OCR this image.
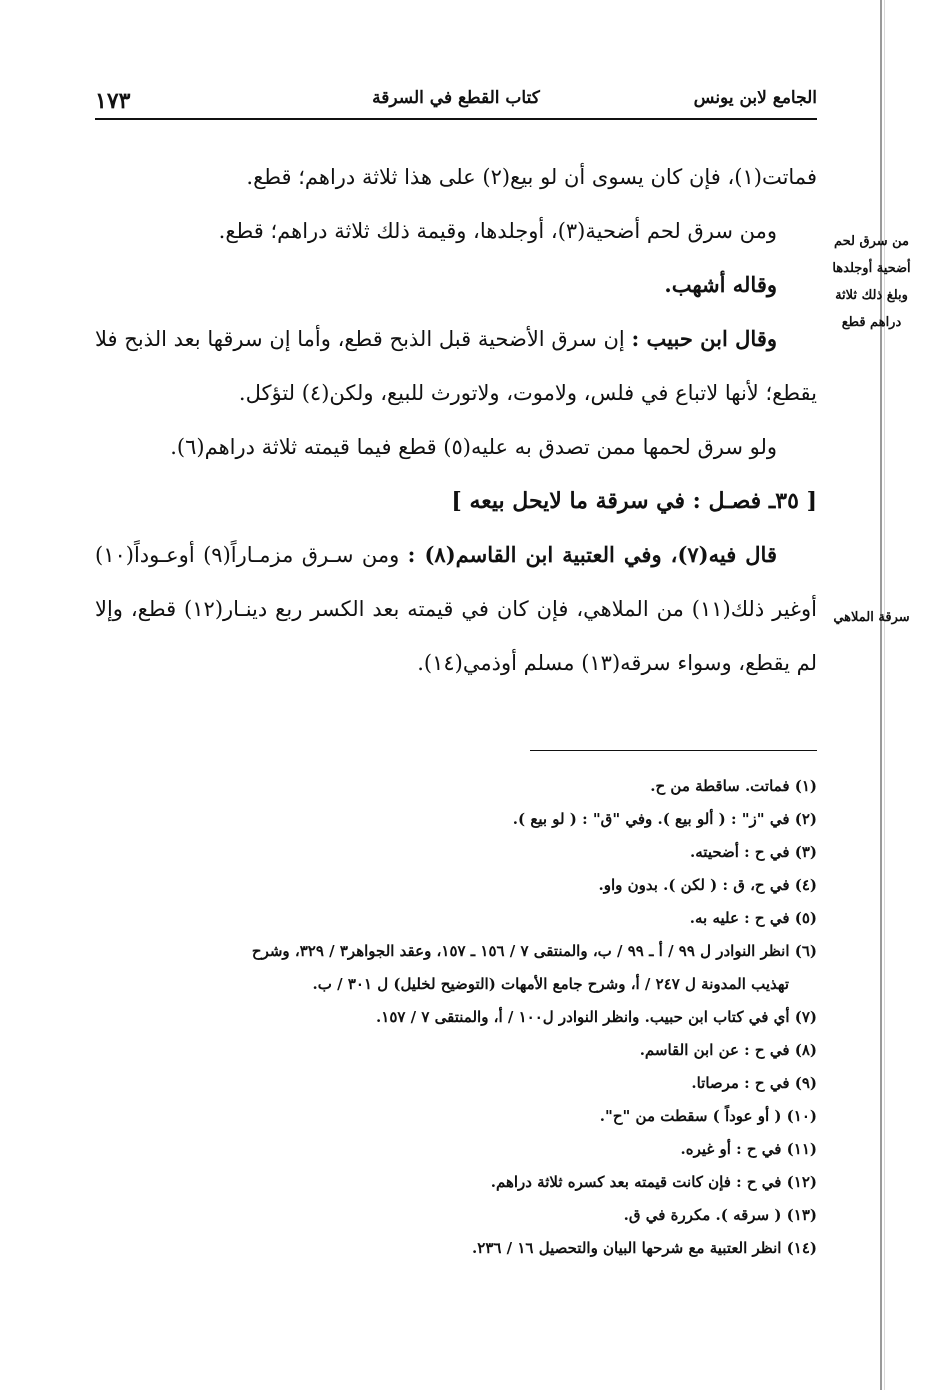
الجامع لابن يونس
كتاب القطع في السرقة
١٧٣
من سرق لحم
أضحية أوجلدها
وبلغ ذلك ثلاثة
دراهم قطع
سرقة الملاهي

فماتت(١)، فإن كان يسوى أن لو بيع(٢) على هذا ثلاثة دراهم؛ قطع.

ومن سرق لحم أضحية(٣)، أوجلدها، وقيمة ذلك ثلاثة دراهم؛ قطع.

وقاله أشهب.

وقال ابن حبيب : إن سرق الأضحية قبل الذبح قطع، وأما إن سرقها بعد الذبح فلا يقطع؛ لأنها لاتباع في فلس، ولاموت، ولاتورث للبيع، ولكن(٤) لتؤكل.

ولو سرق لحمها ممن تصدق به عليه(٥) قطع فيما قيمته ثلاثة دراهم(٦).

[ ٣٥ـ فصـل : في سرقة ما لايحل بيعه ]

قال فيه(٧)، وفي العتبية ابن القاسم(٨) : ومن سـرق مزمـاراً(٩) أوعـوداً(١٠) أوغير ذلك(١١) من الملاهي، فإن كان في قيمته بعد الكسر ربع دينـار(١٢) قطع، وإلا لم يقطع، وسواء سرقه(١٣) مسلم أوذمي(١٤).

(١) فماتت. ساقطة من ح.

(٢) في "ز" : ( ألو بيع ). وفي "ق" : ( لو بيع ).

(٣) في ح : أضحيته.

(٤) في ح، ق : ( لكن ). بدون واو.

(٥) في ح : عليه به.

(٦) انظر النوادر ل ٩٩ / أ ـ ٩٩ / ب، والمنتقى ٧ / ١٥٦ ـ ١٥٧، وعقد الجواهر٣ / ٣٢٩، وشرح

تهذيب المدونة ل ٢٤٧ / أ، وشرح جامع الأمهات (التوضيح لخليل) ل ٣٠١ / ب.

(٧) أي في كتاب ابن حبيب. وانظر النوادر ل١٠٠ / أ، والمنتقى ٧ / ١٥٧.

(٨) في ح : عن ابن القاسم.

(٩) في ح : مرصاتا.

(١٠) ( أو عوداً ) سقطت من "ح".

(١١) في ح : أو غيره.

(١٢) في ح : فإن كانت قيمته بعد كسره ثلاثة دراهم.

(١٣) ( سرقه ). مكررة في ق.

(١٤) انظر العتبية مع شرحها البيان والتحصيل ١٦ / ٢٣٦.
